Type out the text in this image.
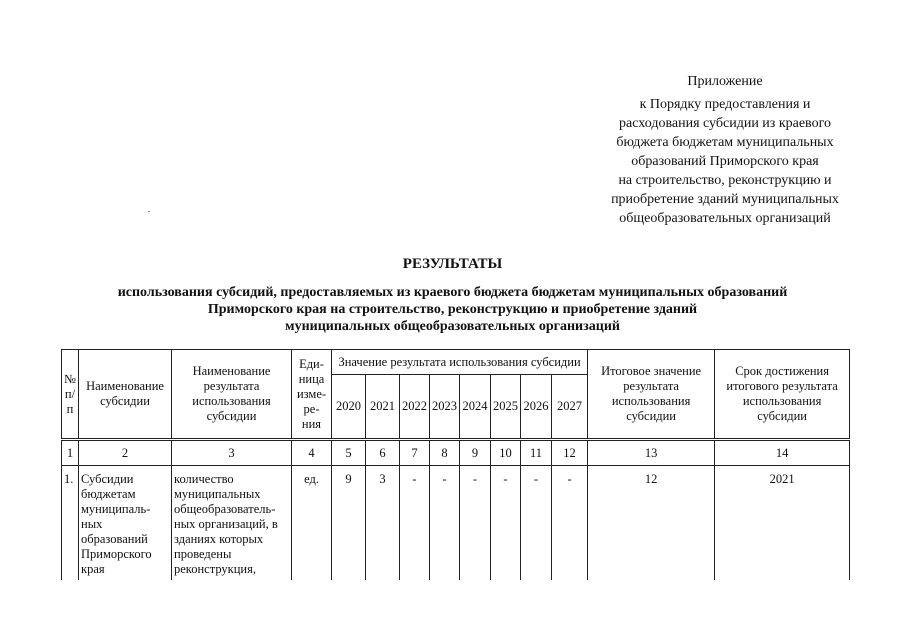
Приложение
к Порядку предоставления и
расходования субсидии из краевого
бюджета бюджетам муниципальных
образований Приморского края
на строительство, реконструкцию и
приобретение зданий муниципальных
общеобразовательных организаций
РЕЗУЛЬТАТЫ
использования субсидий, предоставляемых из краевого бюджета бюджетам муниципальных образований
Приморского края на строительство, реконструкцию и приобретение зданий
муниципальных общеобразовательных организаций
№ п/ п	Наименование субсидии	Наименование результата использования субсидии	Еди-ница изме-ре-ния	Значение результата использования субсидии								Итоговое значение результата использования субсидии	Срок достижения итогового результата использования субсидии
				2020	2021	2022	2023	2024	2025	2026	2027		
1	2	3	4	5	6	7	8	9	10	11	12	13	14
1.	Субсидии бюджетам муниципаль-ных образований Приморского края	количество муниципальных общеобразователь-ных организаций, в зданиях которых проведены реконструкция,	ед.	9	3	-	-	-	-	-	-	12	2021
